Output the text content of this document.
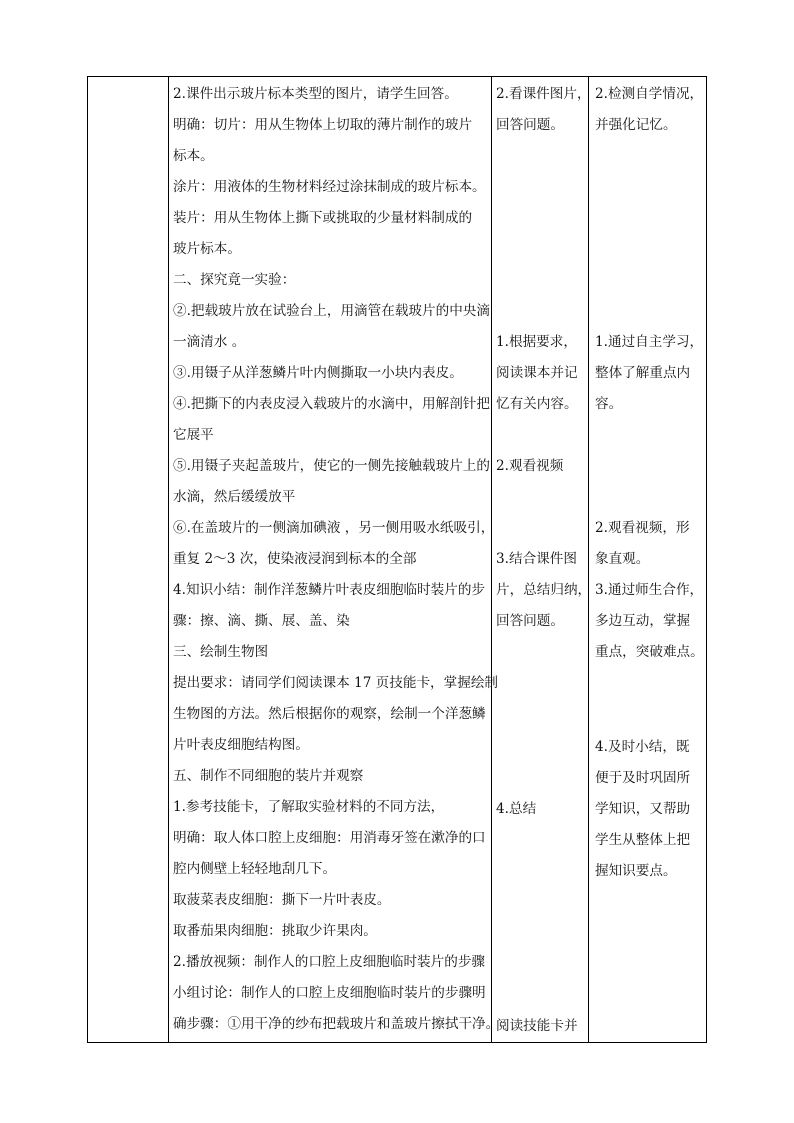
2.课件出示玻片标本类型的图片，请学生回答。
明确：切片：用从生物体上切取的薄片制作的玻片
标本。
涂片：用液体的生物材料经过涂抹制成的玻片标本。
装片：用从生物体上撕下或挑取的少量材料制成的
玻片标本。
二、探究竟一实验：
②.把载玻片放在试验台上，用滴管在载玻片的中央滴
一滴清水 。
③.用镊子从洋葱鳞片叶内侧撕取一小块内表皮。
④.把撕下的内表皮浸入载玻片的水滴中，用解剖针把
它展平
⑤.用镊子夹起盖玻片，使它的一侧先接触载玻片上的
水滴，然后缓缓放平
⑥.在盖玻片的一侧滴加碘液 ，另一侧用吸水纸吸引，
重复 2～3 次，使染液浸润到标本的全部
4.知识小结：制作洋葱鳞片叶表皮细胞临时装片的步
骤：擦、滴、撕、展、盖、染
三、绘制生物图
提出要求：请同学们阅读课本 17 页技能卡，掌握绘制
生物图的方法。然后根据你的观察，绘制一个洋葱鳞
片叶表皮细胞结构图。
五、制作不同细胞的装片并观察
1.参考技能卡，了解取实验材料的不同方法，
明确：取人体口腔上皮细胞：用消毒牙签在漱净的口
腔内侧壁上轻轻地刮几下。
取菠菜表皮细胞：撕下一片叶表皮。
取番茄果肉细胞：挑取少许果肉。
2.播放视频：制作人的口腔上皮细胞临时装片的步骤
小组讨论：制作人的口腔上皮细胞临时装片的步骤明
确步骤：①用干净的纱布把载玻片和盖玻片擦拭干净。
2.看课件图片，
回答问题。
1.根据要求，
阅读课本并记
忆有关内容。
2.观看视频
3.结合课件图
片，总结归纳，
回答问题。
4.总结
阅读技能卡并
2.检测自学情况，
并强化记忆。
1.通过自主学习，
整体了解重点内
容。
2.观看视频，形
象直观。
3.通过师生合作，
多边互动，掌握
重点，突破难点。
4.及时小结，既
便于及时巩固所
学知识，又帮助
学生从整体上把
握知识要点。
